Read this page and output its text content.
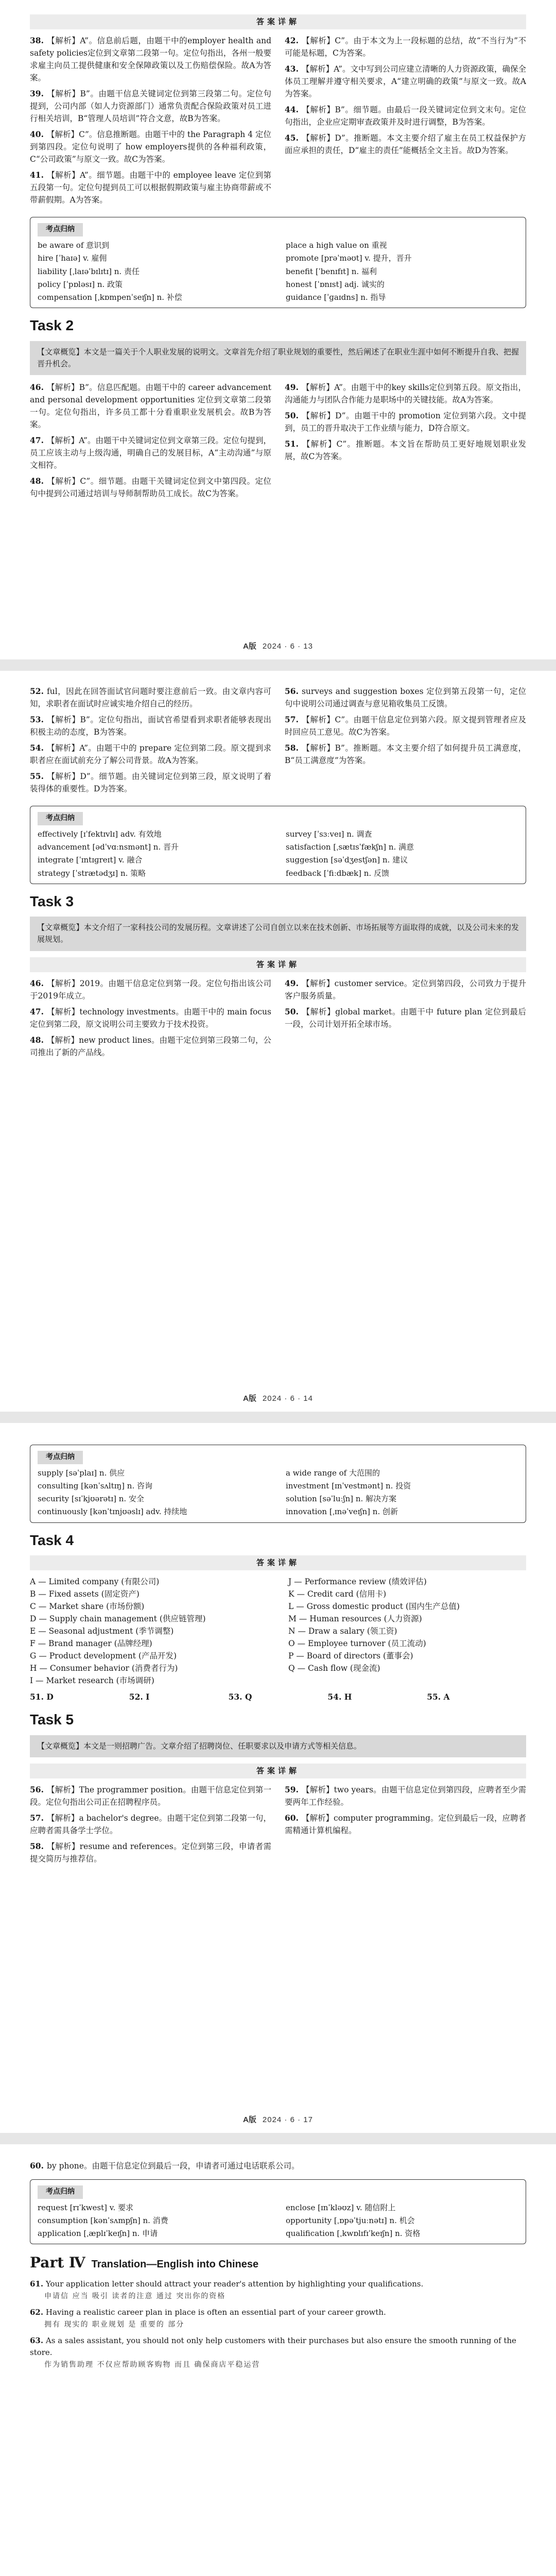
答案详解

38. 【解析】A”。信息前后题，由题干中的employer health and safety policies定位到文章第二段第一句。定位句指出，各州一般要求雇主向员工提供健康和安全保障政策以及工伤赔偿保险。故A为答案。

39. 【解析】B”。由题干信息关键词定位到第三段第二句。定位句提到，公司内部（如人力资源部门）通常负责配合保险政策对员工进行相关培训，B“管理人员培训”符合文意，故B为答案。

40. 【解析】C”。信息推断题。由题干中的 the Paragraph 4 定位到第四段。定位句说明了 how employers提供的各种福利政策，C“公司政策”与原文一致。故C为答案。

41. 【解析】A”。细节题。由题干中的 employee leave 定位到第五段第一句。定位句提到员工可以根据假期政策与雇主协商带薪或不带薪假期。A为答案。

42. 【解析】C”。由于本文为上一段标题的总结，故“不当行为”不可能是标题，C为答案。

43. 【解析】A”。文中写到公司应建立清晰的人力资源政策，确保全体员工理解并遵守相关要求，A“建立明确的政策”与原文一致。故A为答案。

44. 【解析】B”。细节题。由最后一段关键词定位到文末句。定位句指出，企业应定期审查政策并及时进行调整，B为答案。

45. 【解析】D”。推断题。本文主要介绍了雇主在员工权益保护方面应承担的责任，D“雇主的责任”能概括全文主旨。故D为答案。

考点归纳
be aware of 意识到	place a high value on 重视
hire [ˈhaɪə] v. 雇佣	promote [prəˈməʊt] v. 提升，晋升
liability [ˌlaɪəˈbɪlɪtɪ] n. 责任	benefit [ˈbenɪfɪt] n. 福利
policy [ˈpɒləsɪ] n. 政策	honest [ˈɒnɪst] adj. 诚实的
compensation [ˌkɒmpenˈseɪʃn] n. 补偿	guidance [ˈɡaɪdns] n. 指导
Task 2
【文章概览】本文是一篇关于个人职业发展的说明文。文章首先介绍了职业规划的重要性，然后阐述了在职业生涯中如何不断提升自我、把握晋升机会。

46. 【解析】B”。信息匹配题。由题干中的 career advancement and personal development opportunities 定位到文章第二段第一句。定位句指出，许多员工都十分看重职业发展机会。故B为答案。

47. 【解析】A”。由题干中关键词定位到文章第三段。定位句提到，员工应该主动与上级沟通，明确自己的发展目标，A“主动沟通”与原文相符。

48. 【解析】C”。细节题。由题干关键词定位到文中第四段。定位句中提到公司通过培训与导师制帮助员工成长。故C为答案。

49. 【解析】A”。由题干中的key skills定位到第五段。原文指出，沟通能力与团队合作能力是职场中的关键技能。故A为答案。

50. 【解析】D”。由题干中的 promotion 定位到第六段。文中提到，员工的晋升取决于工作业绩与能力，D符合原文。

51. 【解析】C”。推断题。本文旨在帮助员工更好地规划职业发展，故C为答案。

A版 2024 · 6 · 13

52. ful，因此在回答面试官问题时要注意前后一致。由文章内容可知，求职者在面试时应诚实地介绍自己的经历。

53. 【解析】B”。定位句指出，面试官希望看到求职者能够表现出积极主动的态度，B为答案。

54. 【解析】A”。由题干中的 prepare 定位到第二段。原文提到求职者应在面试前充分了解公司背景。故A为答案。

55. 【解析】D”。细节题。由关键词定位到第三段，原文说明了着装得体的重要性。D为答案。

56. surveys and suggestion boxes 定位到第五段第一句，定位句中说明公司通过调查与意见箱收集员工反馈。

57. 【解析】C”。由题干信息定位到第六段。原文提到管理者应及时回应员工意见。故C为答案。

58. 【解析】B”。推断题。本文主要介绍了如何提升员工满意度，B“员工满意度”为答案。

考点归纳
effectively [ɪˈfektɪvlɪ] adv. 有效地	survey [ˈsɜːveɪ] n. 调查
advancement [ədˈvɑːnsmənt] n. 晋升	satisfaction [ˌsætɪsˈfækʃn] n. 满意
integrate [ˈɪntɪɡreɪt] v. 融合	suggestion [səˈdʒestʃən] n. 建议
strategy [ˈstrætədʒɪ] n. 策略	feedback [ˈfiːdbæk] n. 反馈
Task 3
【文章概览】本文介绍了一家科技公司的发展历程。文章讲述了公司自创立以来在技术创新、市场拓展等方面取得的成就，以及公司未来的发展规划。
答案详解

46. 【解析】2019。由题干信息定位到第一段。定位句指出该公司于2019年成立。

47. 【解析】technology investments。由题干中的 main focus 定位到第二段，原文说明公司主要致力于技术投资。

48. 【解析】new product lines。由题干定位到第三段第二句，公司推出了新的产品线。

49. 【解析】customer service。定位到第四段，公司致力于提升客户服务质量。

50. 【解析】global market。由题干中 future plan 定位到最后一段，公司计划开拓全球市场。

A版 2024 · 6 · 14
考点归纳
supply [səˈplaɪ] n. 供应	a wide range of 大范围的
consulting [kənˈsʌltɪŋ] n. 咨询	investment [ɪnˈvestmənt] n. 投资
security [sɪˈkjʊərətɪ] n. 安全	solution [səˈluːʃn] n. 解决方案
continuously [kənˈtɪnjʊəslɪ] adv. 持续地	innovation [ˌɪnəˈveɪʃn] n. 创新
Task 4
答案详解
A — Limited company (有限公司)	J — Performance review (绩效评估)
B — Fixed assets (固定资产)	K — Credit card (信用卡)
C — Market share (市场份额)	L — Gross domestic product (国内生产总值)
D — Supply chain management (供应链管理)	M — Human resources (人力资源)
E — Seasonal adjustment (季节调整)	N — Draw a salary (领工资)
F — Brand manager (品牌经理)	O — Employee turnover (员工流动)
G — Product development (产品开发)	P — Board of directors (董事会)
H — Consumer behavior (消费者行为)	Q — Cash flow (现金流)
I — Market research (市场调研)
51. D	52. I	53. Q	54. H	55. A
Task 5
【文章概览】本文是一则招聘广告。文章介绍了招聘岗位、任职要求以及申请方式等相关信息。
答案详解

56. 【解析】The programmer position。由题干信息定位到第一段。定位句指出公司正在招聘程序员。

57. 【解析】a bachelor's degree。由题干定位到第二段第一句，应聘者需具备学士学位。

58. 【解析】resume and references。定位到第三段，申请者需提交简历与推荐信。

59. 【解析】two years。由题干信息定位到第四段，应聘者至少需要两年工作经验。

60. 【解析】computer programming。定位到最后一段，应聘者需精通计算机编程。

A版 2024 · 6 · 17

60. by phone。由题干信息定位到最后一段，申请者可通过电话联系公司。

考点归纳
request [rɪˈkwest] v. 要求	enclose [ɪnˈkləʊz] v. 随信附上
consumption [kənˈsʌmpʃn] n. 消费	opportunity [ˌɒpəˈtjuːnətɪ] n. 机会
application [ˌæplɪˈkeɪʃn] n. 申请	qualification [ˌkwɒlɪfɪˈkeɪʃn] n. 资格
Part Ⅳ Translation—English into Chinese

61. Your application letter should attract your reader's attention by highlighting your qualifications.

申请信 应当 吸引 读者的注意 通过 突出你的资格

62. Having a realistic career plan in place is often an essential part of your career growth.

拥有 现实的 职业规划 是 重要的 部分

63. As a sales assistant, you should not only help customers with their purchases but also ensure the smooth running of the store.

作为销售助理 不仅应帮助顾客购物 而且 确保商店平稳运营
